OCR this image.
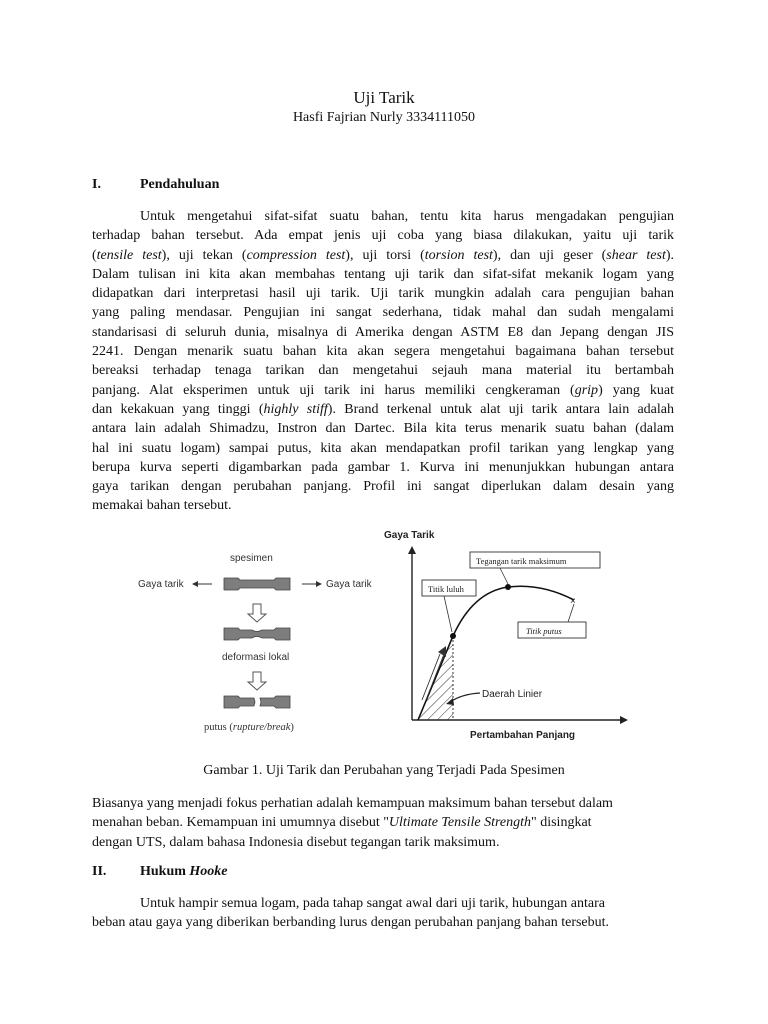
Uji Tarik
Hasfi Fajrian Nurly 3334111050
I.	Pendahuluan
Untuk mengetahui sifat-sifat suatu bahan, tentu kita harus mengadakan pengujian
terhadap bahan tersebut. Ada empat jenis uji coba yang biasa dilakukan, yaitu uji tarik
(tensile test), uji tekan (compression test), uji torsi (torsion test), dan uji geser (shear test).
Dalam tulisan ini kita akan membahas tentang uji tarik dan sifat-sifat mekanik logam yang
didapatkan dari interpretasi hasil uji tarik. Uji tarik mungkin adalah cara pengujian bahan
yang paling mendasar. Pengujian ini sangat sederhana, tidak mahal dan sudah mengalami
standarisasi di seluruh dunia, misalnya di Amerika dengan ASTM E8 dan Jepang dengan JIS
2241. Dengan menarik suatu bahan kita akan segera mengetahui bagaimana bahan tersebut
bereaksi terhadap tenaga tarikan dan mengetahui sejauh mana material itu bertambah
panjang. Alat eksperimen untuk uji tarik ini harus memiliki cengkeraman (grip) yang kuat
dan kekakuan yang tinggi (highly stiff). Brand terkenal untuk alat uji tarik antara lain adalah
antara lain adalah Shimadzu, Instron dan Dartec. Bila kita terus menarik suatu bahan (dalam
hal ini suatu logam) sampai putus, kita akan mendapatkan profil tarikan yang lengkap yang
berupa kurva seperti digambarkan pada gambar 1. Kurva ini menunjukkan hubungan antara
gaya tarikan dengan perubahan panjang. Profil ini sangat diperlukan dalam desain yang
memakai bahan tersebut.
spesimen
Gaya tarik	Gaya tarik
deformasi lokal
putus (rupture/break)
Gaya Tarik
Pertambahan Panjang
×
Tegangan tarik maksimum
Titik luluh
Titik putus
Daerah Linier
Gambar 1. Uji Tarik dan Perubahan yang Terjadi Pada Spesimen
Biasanya yang menjadi fokus perhatian adalah kemampuan maksimum bahan tersebut dalam
menahan beban. Kemampuan ini umumnya disebut "Ultimate Tensile Strength" disingkat
dengan UTS, dalam bahasa Indonesia disebut tegangan tarik maksimum.
II. Hukum Hooke
Untuk hampir semua logam, pada tahap sangat awal dari uji tarik, hubungan antara
beban atau gaya yang diberikan berbanding lurus dengan perubahan panjang bahan tersebut.
